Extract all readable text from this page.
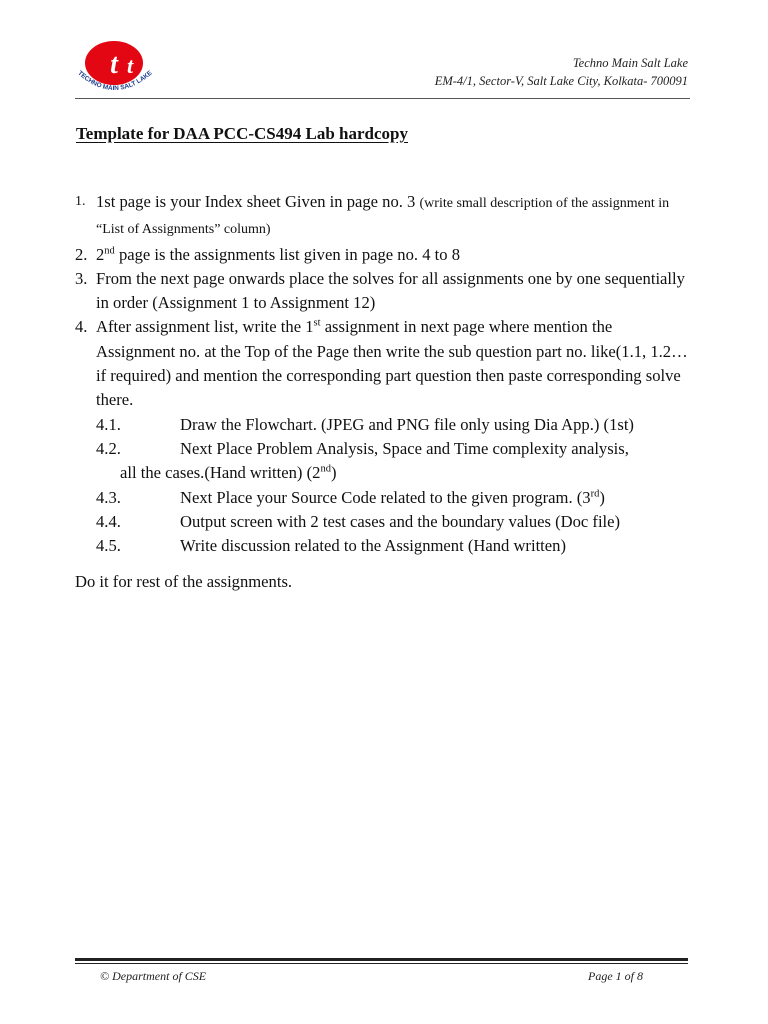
t t
TECHNO MAIN SALT LAKE
Techno Main Salt Lake
EM-4/1, Sector-V, Salt Lake City, Kolkata- 700091
Template for DAA PCC-CS494 Lab hardcopy
1. 1st page is your Index sheet Given in page no. 3 (write small description of the assignment in “List of Assignments” column)
2. 2nd page is the assignments list given in page no. 4 to 8
3. From the next page onwards place the solves for all assignments one by one sequentially in order (Assignment 1 to Assignment 12)
4. After assignment list, write the 1st assignment in next page where mention the Assignment no. at the Top of the Page then write the sub question part no. like(1.1, 1.2… if required) and mention the corresponding part question then paste corresponding solve there.
4.1.	Draw the Flowchart. (JPEG and PNG file only using Dia App.) (1st)
4.2.	Next Place Problem Analysis, Space and Time complexity analysis,
all the cases.(Hand written) (2nd)
4.3.	Next Place your Source Code related to the given program. (3rd)
4.4.	Output screen with 2 test cases and the boundary values (Doc file)
4.5.	Write discussion related to the Assignment (Hand written)
Do it for rest of the assignments.
© Department of CSE	Page 1 of 8
